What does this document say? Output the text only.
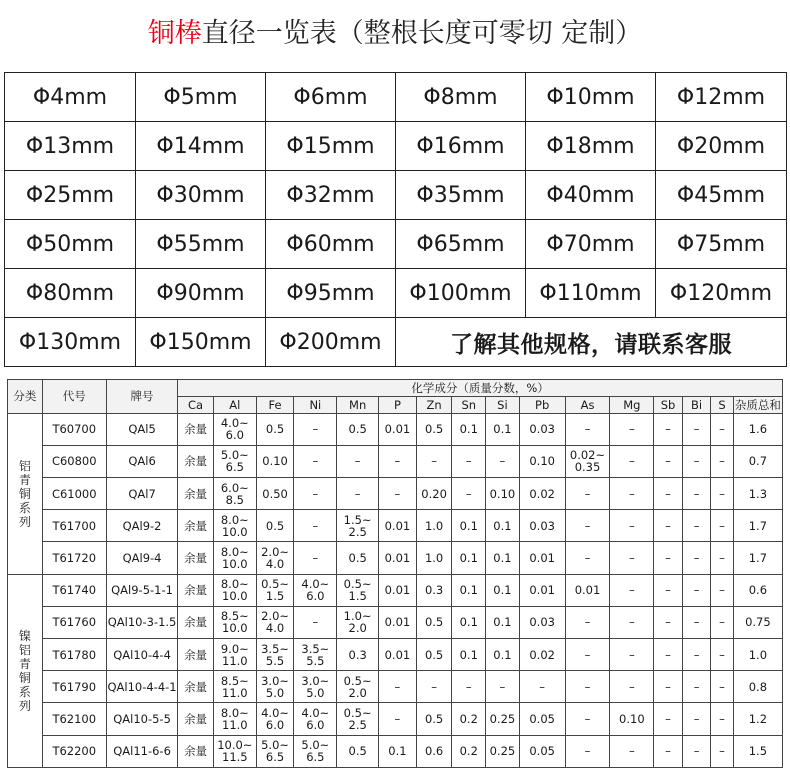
铜棒直径一览表（整根长度可零切 定制）
Φ4mm	Φ5mm	Φ6mm	Φ8mm	Φ10mm	Φ12mm
Φ13mm	Φ14mm	Φ15mm	Φ16mm	Φ18mm	Φ20mm
Φ25mm	Φ30mm	Φ32mm	Φ35mm	Φ40mm	Φ45mm
Φ50mm	Φ55mm	Φ60mm	Φ65mm	Φ70mm	Φ75mm
Φ80mm	Φ90mm	Φ95mm	Φ100mm	Φ110mm	Φ120mm
Φ130mm	Φ150mm	Φ200mm	了解其他规格，请联系客服		
分类	代号	牌号	化学成分（质量分数，%）															
			Ca	Al	Fe	Ni	Mn	P	Zn	Sn	Si	Pb	As	Mg	Sb	Bi	S	杂质总和

铝青铜系列	T60700	QAl5	余量	4.0~
6.0	0.5	–	0.5	0.01	0.5	0.1	0.1	0.03	–	–	–	–	–	1.6
	C60800	QAl6	余量	5.0~
6.5	0.10	–	–	–	–	–	–	0.10	0.02~
0.35	–	–	–	–	0.7
	C61000	QAl7	余量	6.0~
8.5	0.50	–	–	–	0.20	–	0.10	0.02	–	–	–	–	–	1.3
	T61700	QAl9-2	余量	8.0~
10.0	0.5	–	1.5~
2.5	0.01	1.0	0.1	0.1	0.03	–	–	–	–	–	1.7
	T61720	QAl9-4	余量	8.0~
10.0	2.0~
4.0	–	0.5	0.01	1.0	0.1	0.1	0.01	–	–	–	–	–	1.7

镍铝青铜系列	T61740	QAl9-5-1-1	余量	8.0~
10.0	0.5~
1.5	4.0~
6.0	0.5~
1.5	0.01	0.3	0.1	0.1	0.01	0.01	–	–	–	–	0.6
	T61760	QAl10-3-1.5	余量	8.5~
10.0	2.0~
4.0	–	1.0~
2.0	0.01	0.5	0.1	0.1	0.03	–	–	–	–	–	0.75
	T61780	QAl10-4-4	余量	9.0~
11.0	3.5~
5.5	3.5~
5.5	0.3	0.01	0.5	0.1	0.1	0.02	–	–	–	–	–	1.0
	T61790	QAl10-4-4-1	余量	8.5~
11.0	3.0~
5.0	3.0~
5.0	0.5~
2.0	–	–	–	–	–	–	–	–	–	–	0.8
	T62100	QAl10-5-5	余量	8.0~
11.0	4.0~
6.0	4.0~
6.0	0.5~
2.5	–	0.5	0.2	0.25	0.05	–	0.10	–	–	–	1.2
	T62200	QAl11-6-6	余量	10.0~
11.5	5.0~
6.5	5.0~
6.5	0.5	0.1	0.6	0.2	0.25	0.05	–	–	–	–	–	1.5
